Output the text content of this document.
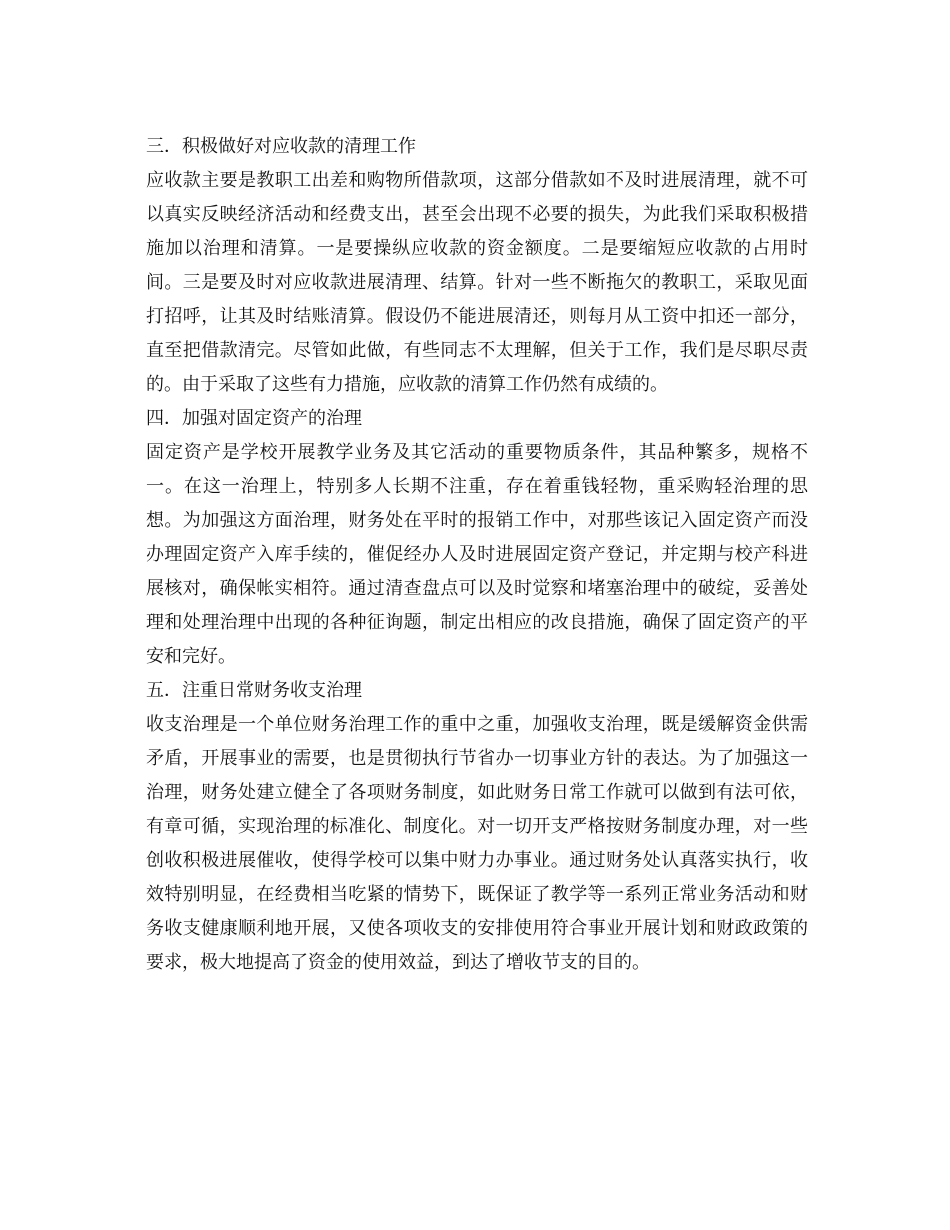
三．积极做好对应收款的清理工作

应收款主要是教职工出差和购物所借款项，这部分借款如不及时进展清理，就不可以真实反映经济活动和经费支出，甚至会出现不必要的损失，为此我们采取积极措施加以治理和清算。一是要操纵应收款的资金额度。二是要缩短应收款的占用时间。三是要及时对应收款进展清理、结算。针对一些不断拖欠的教职工，采取见面打招呼，让其及时结账清算。假设仍不能进展清还，则每月从工资中扣还一部分，直至把借款清完。尽管如此做，有些同志不太理解，但关于工作，我们是尽职尽责的。由于采取了这些有力措施，应收款的清算工作仍然有成绩的。

四．加强对固定资产的治理

固定资产是学校开展教学业务及其它活动的重要物质条件，其品种繁多，规格不一。在这一治理上，特别多人长期不注重，存在着重钱轻物，重采购轻治理的思想。为加强这方面治理，财务处在平时的报销工作中，对那些该记入固定资产而没办理固定资产入库手续的，催促经办人及时进展固定资产登记，并定期与校产科进展核对，确保帐实相符。通过清查盘点可以及时觉察和堵塞治理中的破绽，妥善处理和处理治理中出现的各种征询题，制定出相应的改良措施，确保了固定资产的平安和完好。

五．注重日常财务收支治理

收支治理是一个单位财务治理工作的重中之重，加强收支治理，既是缓解资金供需矛盾，开展事业的需要，也是贯彻执行节省办一切事业方针的表达。为了加强这一治理，财务处建立健全了各项财务制度，如此财务日常工作就可以做到有法可依，有章可循，实现治理的标准化、制度化。对一切开支严格按财务制度办理，对一些创收积极进展催收，使得学校可以集中财力办事业。通过财务处认真落实执行，收效特别明显，在经费相当吃紧的情势下，既保证了教学等一系列正常业务活动和财务收支健康顺利地开展，又使各项收支的安排使用符合事业开展计划和财政政策的要求，极大地提高了资金的使用效益，到达了增收节支的目的。
